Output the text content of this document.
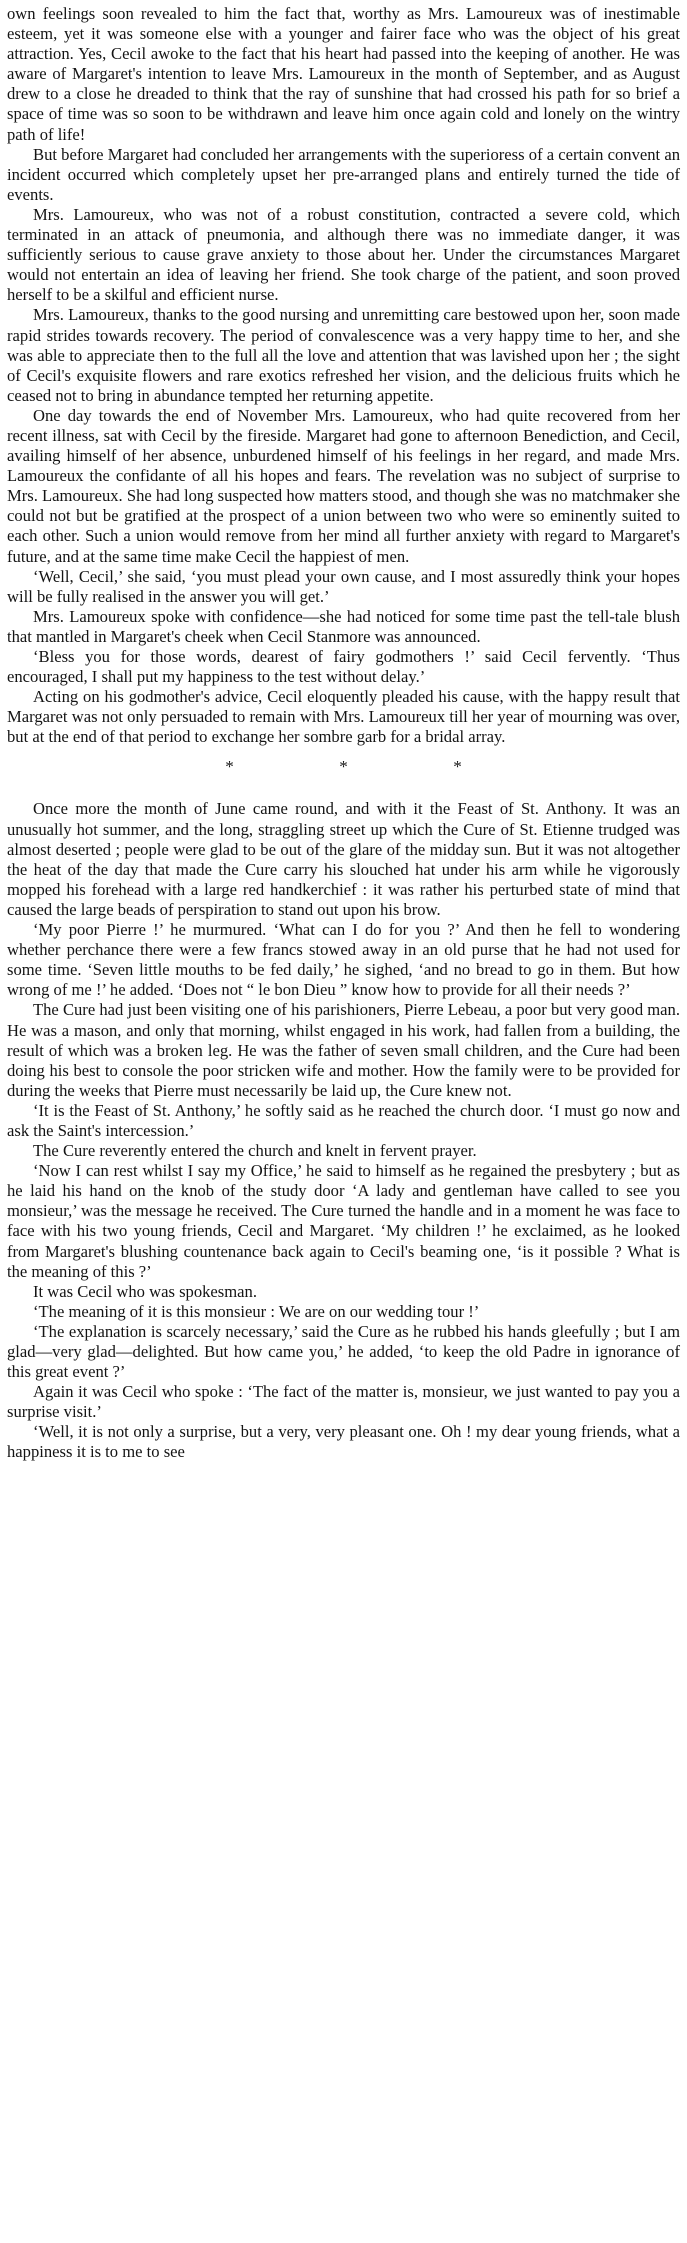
own feelings soon revealed to him the fact that, worthy as Mrs. Lamoureux was of inestimable esteem, yet it was someone else with a younger and fairer face who was the object of his great attraction. Yes, Cecil awoke to the fact that his heart had passed into the keeping of another. He was aware of Margaret's intention to leave Mrs. Lamoureux in the month of September, and as August drew to a close he dreaded to think that the ray of sunshine that had crossed his path for so brief a space of time was so soon to be withdrawn and leave him once again cold and lonely on the wintry path of life!

But before Margaret had concluded her arrangements with the superioress of a certain convent an incident occurred which completely upset her pre-arranged plans and entirely turned the tide of events.

Mrs. Lamoureux, who was not of a robust constitution, contracted a severe cold, which terminated in an attack of pneumonia, and although there was no immediate danger, it was sufficiently serious to cause grave anxiety to those about her. Under the circumstances Margaret would not entertain an idea of leaving her friend. She took charge of the patient, and soon proved herself to be a skilful and efficient nurse.

Mrs. Lamoureux, thanks to the good nursing and unremitting care bestowed upon her, soon made rapid strides towards recovery. The period of convalescence was a very happy time to her, and she was able to appreciate then to the full all the love and attention that was lavished upon her ; the sight of Cecil's exquisite flowers and rare exotics refreshed her vision, and the delicious fruits which he ceased not to bring in abundance tempted her returning appetite.

One day towards the end of November Mrs. Lamoureux, who had quite recovered from her recent illness, sat with Cecil by the fireside. Margaret had gone to afternoon Benediction, and Cecil, availing himself of her absence, unburdened himself of his feelings in her regard, and made Mrs. Lamoureux the confidante of all his hopes and fears. The revelation was no subject of surprise to Mrs. Lamoureux. She had long suspected how matters stood, and though she was no matchmaker she could not but be gratified at the prospect of a union between two who were so eminently suited to each other. Such a union would remove from her mind all further anxiety with regard to Margaret's future, and at the same time make Cecil the happiest of men.

‘Well, Cecil,’ she said, ‘you must plead your own cause, and I most assuredly think your hopes will be fully realised in the answer you will get.’

Mrs. Lamoureux spoke with confidence—she had noticed for some time past the tell-tale blush that mantled in Margaret's cheek when Cecil Stanmore was announced.

‘Bless you for those words, dearest of fairy godmothers !’ said Cecil fervently. ‘Thus encouraged, I shall put my happiness to the test without delay.’

Acting on his godmother's advice, Cecil eloquently pleaded his cause, with the happy result that Margaret was not only persuaded to remain with Mrs. Lamoureux till her year of mourning was over, but at the end of that period to exchange her sombre garb for a bridal array.

*	*	*

Once more the month of June came round, and with it the Feast of St. Anthony. It was an unusually hot summer, and the long, straggling street up which the Cure of St. Etienne trudged was almost deserted ; people were glad to be out of the glare of the midday sun. But it was not altogether the heat of the day that made the Cure carry his slouched hat under his arm while he vigorously mopped his forehead with a large red handkerchief : it was rather his perturbed state of mind that caused the large beads of perspiration to stand out upon his brow.

‘My poor Pierre !’ he murmured. ‘What can I do for you ?’ And then he fell to wondering whether perchance there were a few francs stowed away in an old purse that he had not used for some time. ‘Seven little mouths to be fed daily,’ he sighed, ‘and no bread to go in them. But how wrong of me !’ he added. ‘Does not “ le bon Dieu ” know how to provide for all their needs ?’

The Cure had just been visiting one of his parishioners, Pierre Lebeau, a poor but very good man. He was a mason, and only that morning, whilst engaged in his work, had fallen from a building, the result of which was a broken leg. He was the father of seven small children, and the Cure had been doing his best to console the poor stricken wife and mother. How the family were to be provided for during the weeks that Pierre must necessarily be laid up, the Cure knew not.

‘It is the Feast of St. Anthony,’ he softly said as he reached the church door. ‘I must go now and ask the Saint's intercession.’

The Cure reverently entered the church and knelt in fervent prayer.

‘Now I can rest whilst I say my Office,’ he said to himself as he regained the presbytery ; but as he laid his hand on the knob of the study door ‘A lady and gentleman have called to see you monsieur,’ was the message he received. The Cure turned the handle and in a moment he was face to face with his two young friends, Cecil and Margaret. ‘My children !’ he exclaimed, as he looked from Margaret's blushing countenance back again to Cecil's beaming one, ‘is it possible ? What is the meaning of this ?’

It was Cecil who was spokesman.

‘The meaning of it is this monsieur : We are on our wedding tour !’

‘The explanation is scarcely necessary,’ said the Cure as he rubbed his hands gleefully ; but I am glad—very glad—delighted. But how came you,’ he added, ‘to keep the old Padre in ignorance of this great event ?’

Again it was Cecil who spoke : ‘The fact of the matter is, monsieur, we just wanted to pay you a surprise visit.’

‘Well, it is not only a surprise, but a very, very pleasant one. Oh ! my dear young friends, what a happiness it is to me to see
